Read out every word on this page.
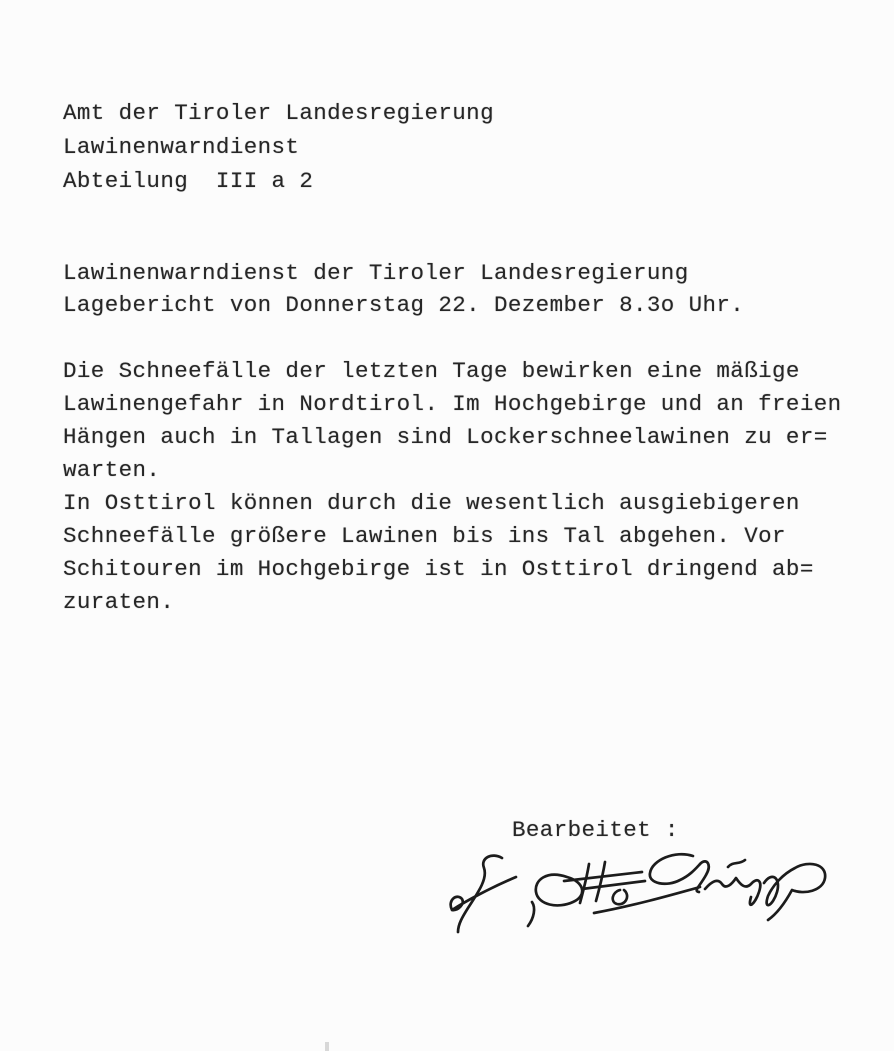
Amt der Tiroler Landesregierung
Lawinenwarndienst
Abteilung  III a 2
Lawinenwarndienst der Tiroler Landesregierung
Lagebericht von Donnerstag 22. Dezember 8.3o Uhr.
Die Schneefälle der letzten Tage bewirken eine mäßige
Lawinengefahr in Nordtirol. Im Hochgebirge und an freien
Hängen auch in Tallagen sind Lockerschneelawinen zu er=
warten.
In Osttirol können durch die wesentlich ausgiebigeren
Schneefälle größere Lawinen bis ins Tal abgehen. Vor
Schitouren im Hochgebirge ist in Osttirol dringend ab=
zuraten.
Bearbeitet :
